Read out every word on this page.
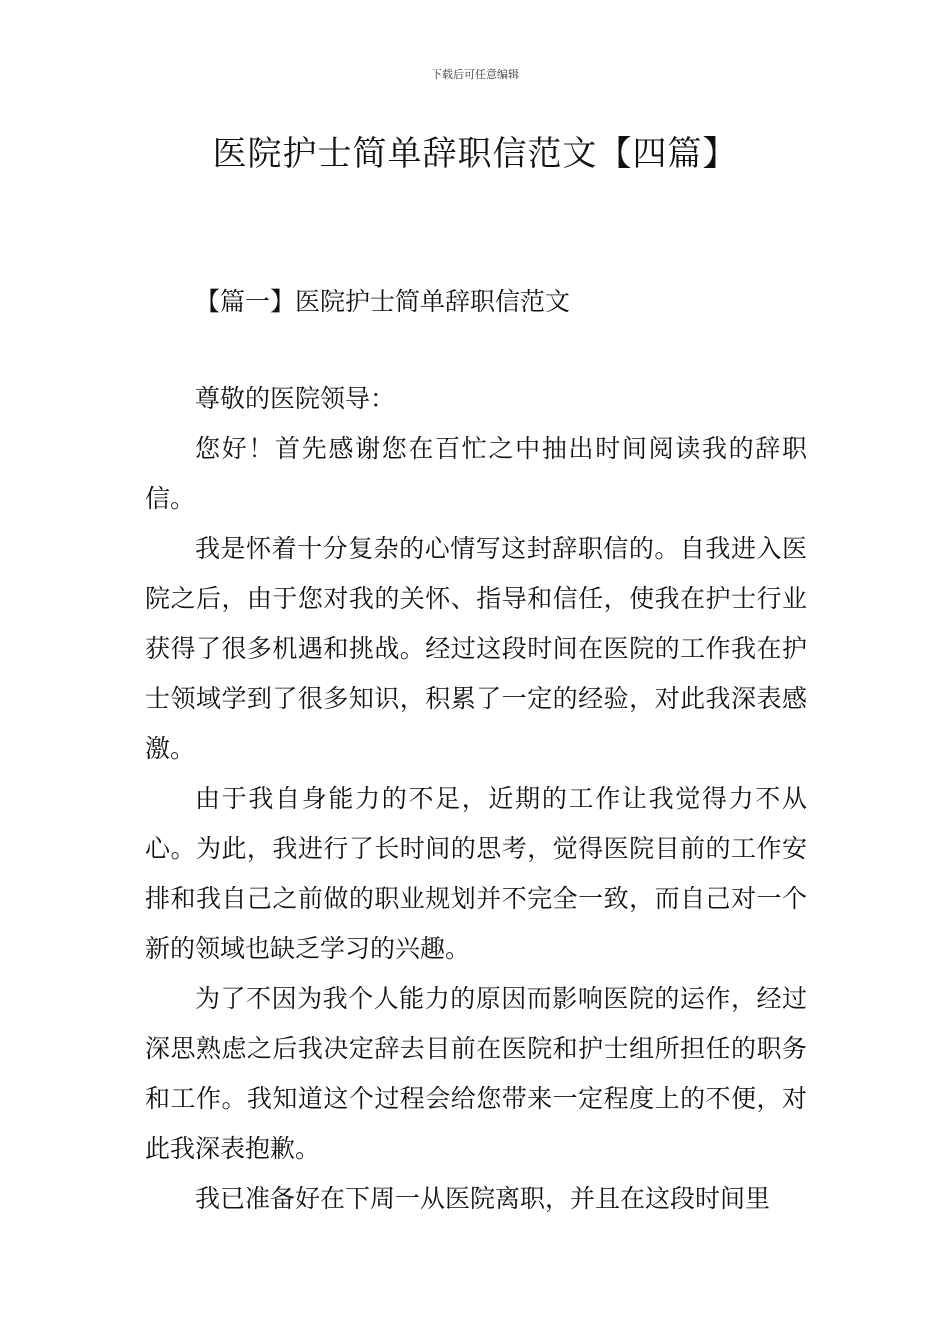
下载后可任意编辑
医院护士简单辞职信范文【四篇】
【篇一】医院护士简单辞职信范文

尊敬的医院领导：

您好！首先感谢您在百忙之中抽出时间阅读我的辞职信。

我是怀着十分复杂的心情写这封辞职信的。自我进入医院之后，由于您对我的关怀、指导和信任，使我在护士行业获得了很多机遇和挑战。经过这段时间在医院的工作我在护士领域学到了很多知识，积累了一定的经验，对此我深表感激。

由于我自身能力的不足，近期的工作让我觉得力不从心。为此，我进行了长时间的思考，觉得医院目前的工作安排和我自己之前做的职业规划并不完全一致，而自己对一个新的领域也缺乏学习的兴趣。

为了不因为我个人能力的原因而影响医院的运作，经过深思熟虑之后我决定辞去目前在医院和护士组所担任的职务和工作。我知道这个过程会给您带来一定程度上的不便，对此我深表抱歉。

我已准备好在下周一从医院离职，并且在这段时间里
